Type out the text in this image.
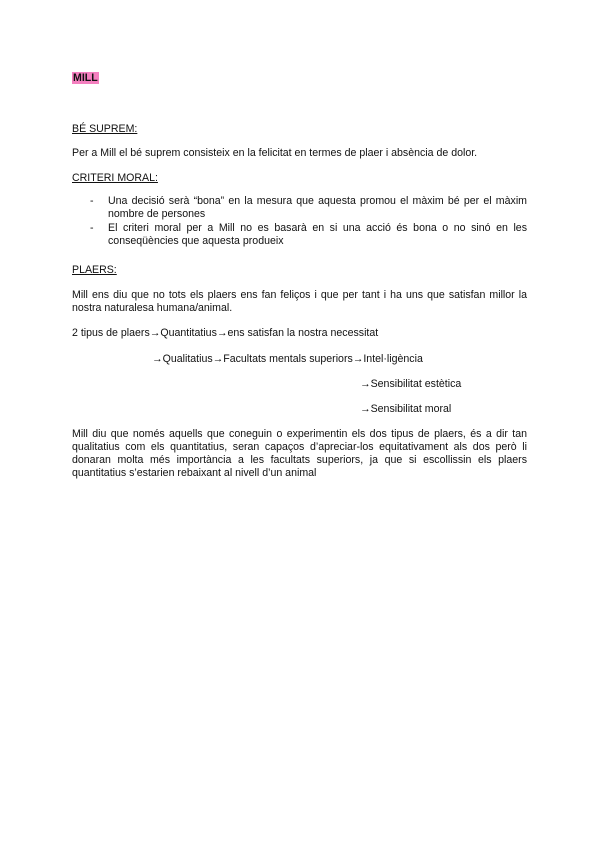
MILL
BÉ SUPREM:
Per a Mill el bé suprem consisteix en la felicitat en termes de plaer i absència de dolor.
CRITERI MORAL:
- Una decisió serà “bona” en la mesura que aquesta promou el màxim bé per el màxim nombre de persones
- El criteri moral per a Mill no es basarà en si una acció és bona o no sinó en les conseqüències que aquesta produeix
PLAERS:
Mill ens diu que no tots els plaers ens fan feliços i que per tant i ha uns que satisfan millor la nostra naturalesa humana/animal.
2 tipus de plaers→Quantitatius→ens satisfan la nostra necessitat
→Qualitatius→Facultats mentals superiors→Intel·ligència
→Sensibilitat estètica
→Sensibilitat moral
Mill diu que només aquells que coneguin o experimentin els dos tipus de plaers, és a dir tan qualitatius com els quantitatius, seran capaços d’apreciar-los equitativament als dos però li donaran molta més importància a les facultats superiors, ja que si escollissin els plaers quantitatius s’estarien rebaixant al nivell d’un animal
